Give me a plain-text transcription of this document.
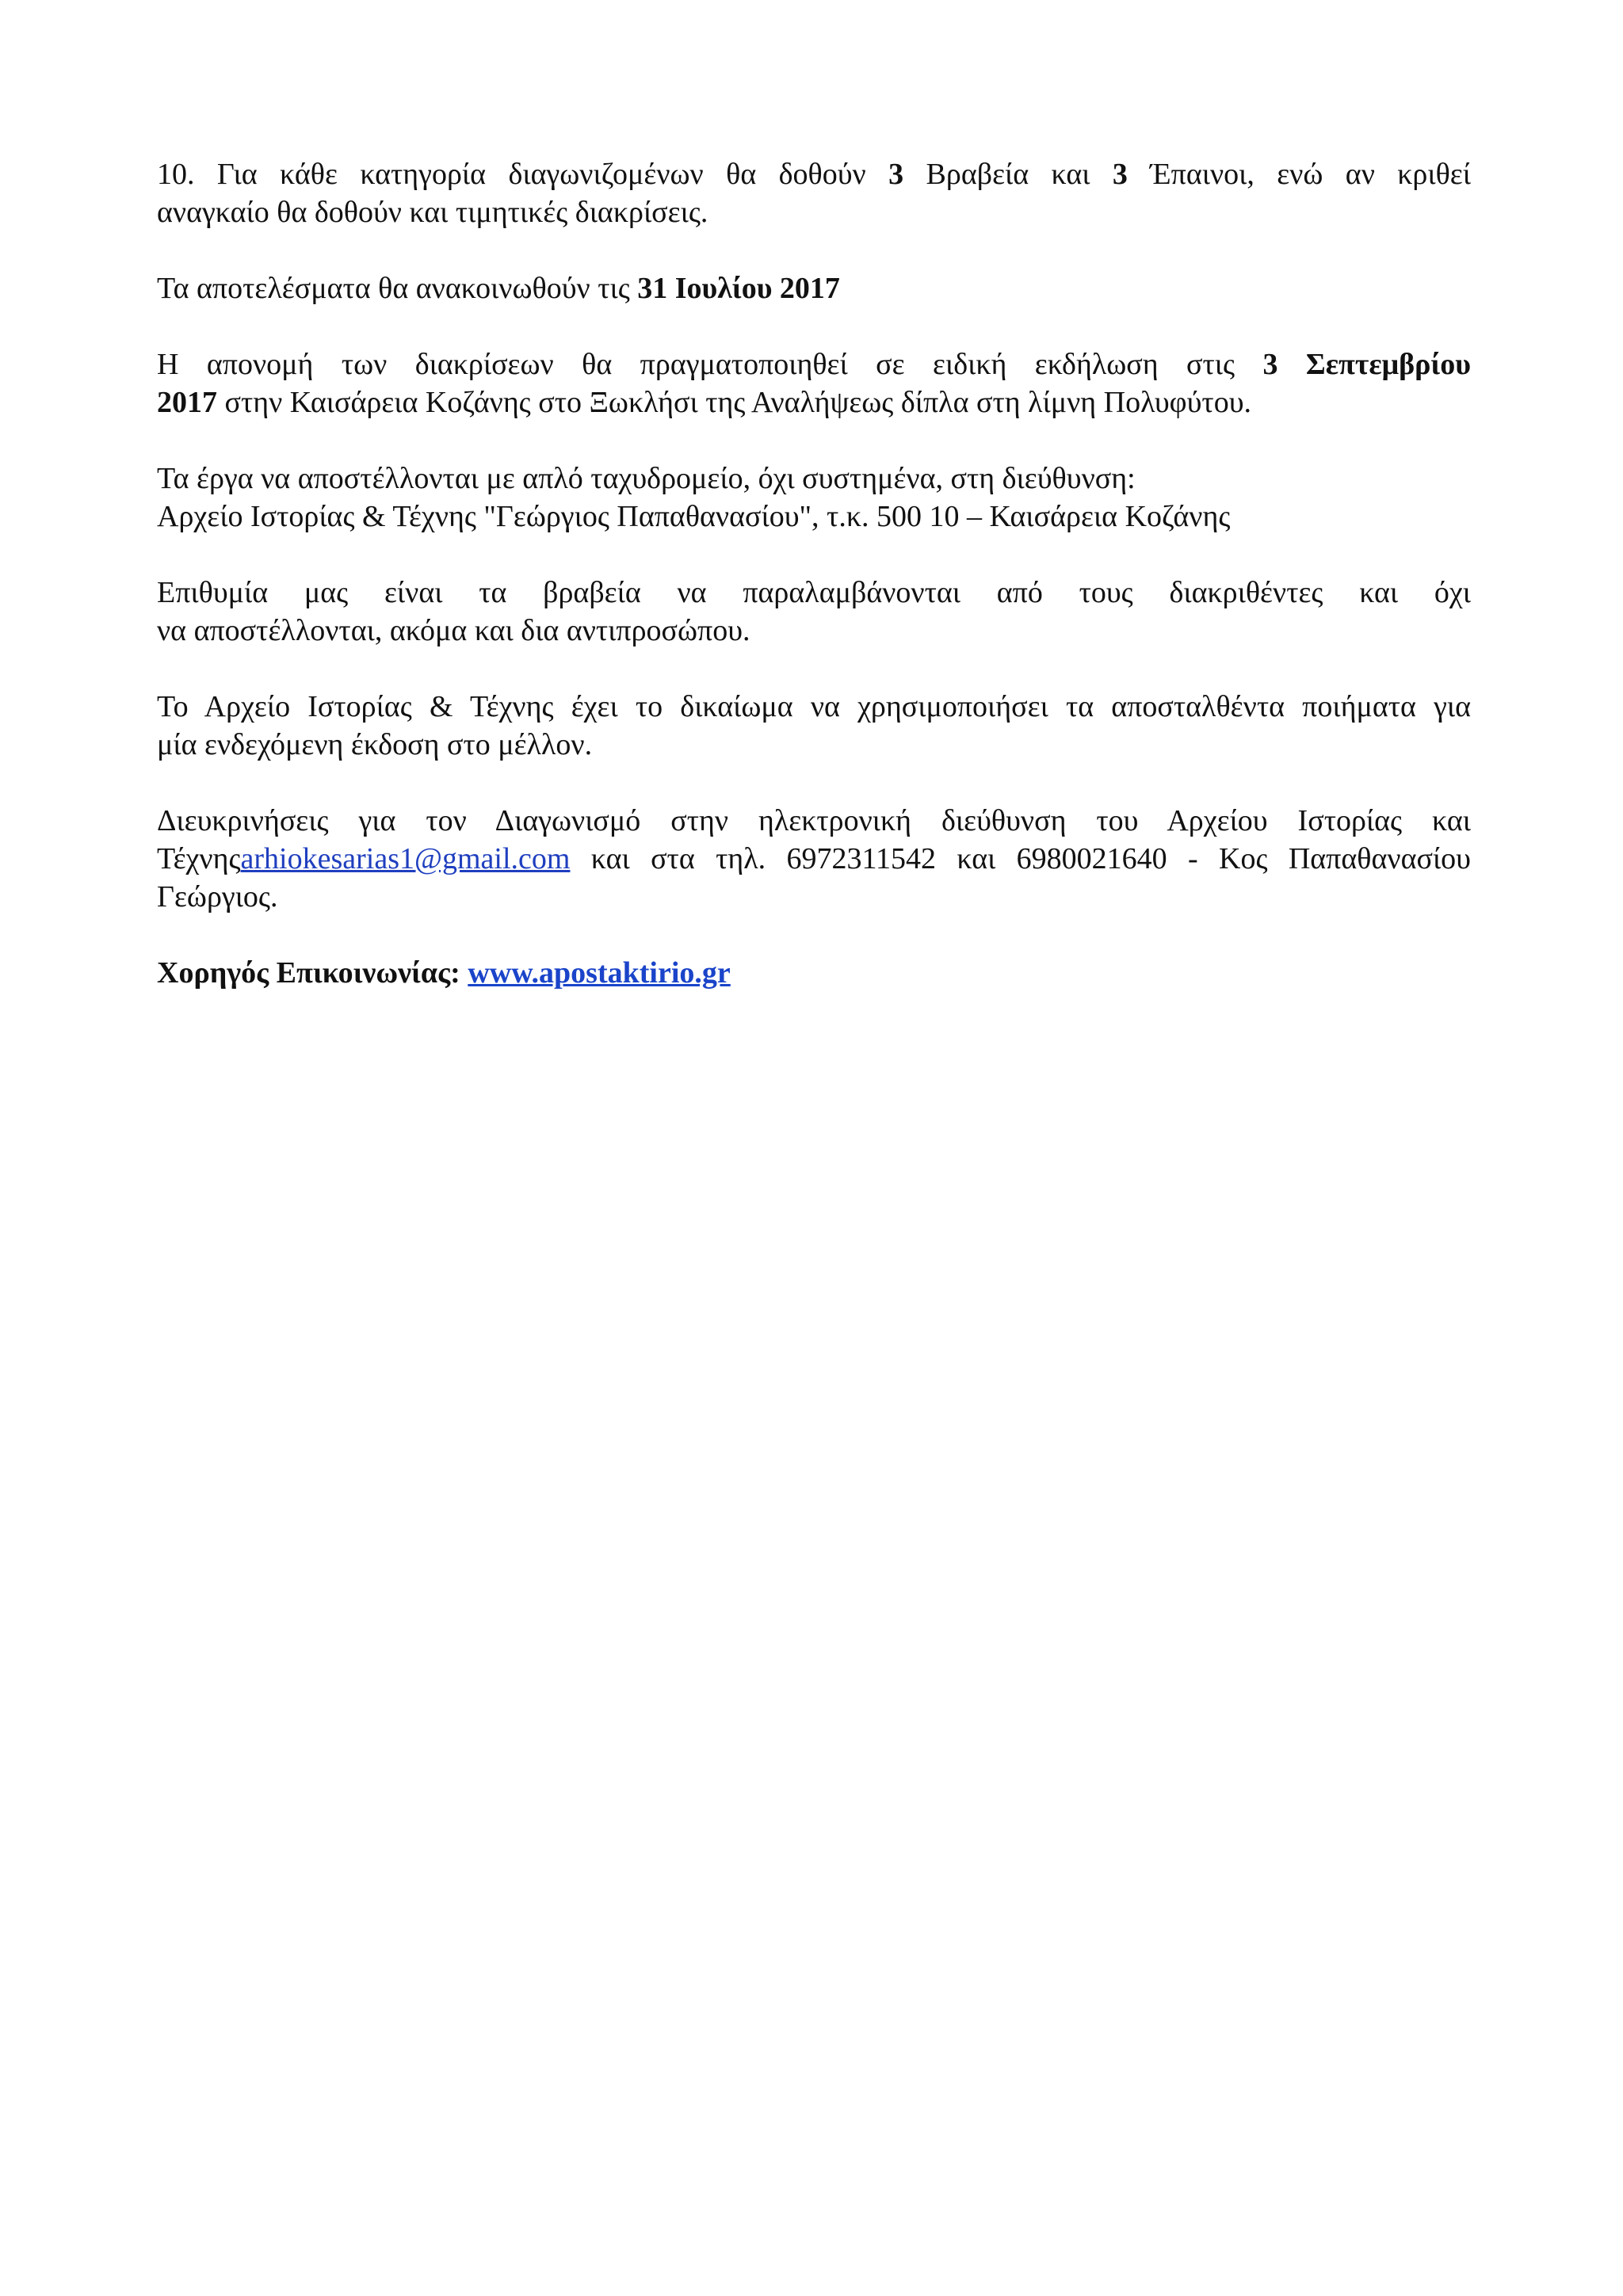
10. Για κάθε κατηγορία διαγωνιζομένων θα δοθούν 3 Βραβεία και 3 Έπαινοι, ενώ αν κριθεί
αναγκαίο θα δοθούν και τιμητικές διακρίσεις.

Τα αποτελέσματα θα ανακοινωθούν τις 31 Ιουλίου 2017

Η απονομή των διακρίσεων θα πραγματοποιηθεί σε ειδική εκδήλωση στις 3 Σεπτεμβρίου
2017 στην Καισάρεια Κοζάνης στο Ξωκλήσι της Αναλήψεως δίπλα στη λίμνη Πολυφύτου.

Τα έργα να αποστέλλονται με απλό ταχυδρομείο, όχι συστημένα, στη διεύθυνση:
Αρχείο Ιστορίας & Τέχνης "Γεώργιος Παπαθανασίου", τ.κ. 500 10 – Καισάρεια Κοζάνης

Επιθυμία μας είναι τα βραβεία να παραλαμβάνονται από τους διακριθέντες και όχι
να αποστέλλονται, ακόμα και δια αντιπροσώπου.

Το Αρχείο Ιστορίας & Τέχνης έχει το δικαίωμα να χρησιμοποιήσει τα αποσταλθέντα ποιήματα για
μία ενδεχόμενη έκδοση στο μέλλον.

Διευκρινήσεις για τον Διαγωνισμό στην ηλεκτρονική διεύθυνση του Αρχείου Ιστορίας και
Τέχνηςarhiokesarias1@gmail.com και στα τηλ. 6972311542 και 6980021640 - Κος Παπαθανασίου
Γεώργιος.

Χορηγός Επικοινωνίας: www.apostaktirio.gr
